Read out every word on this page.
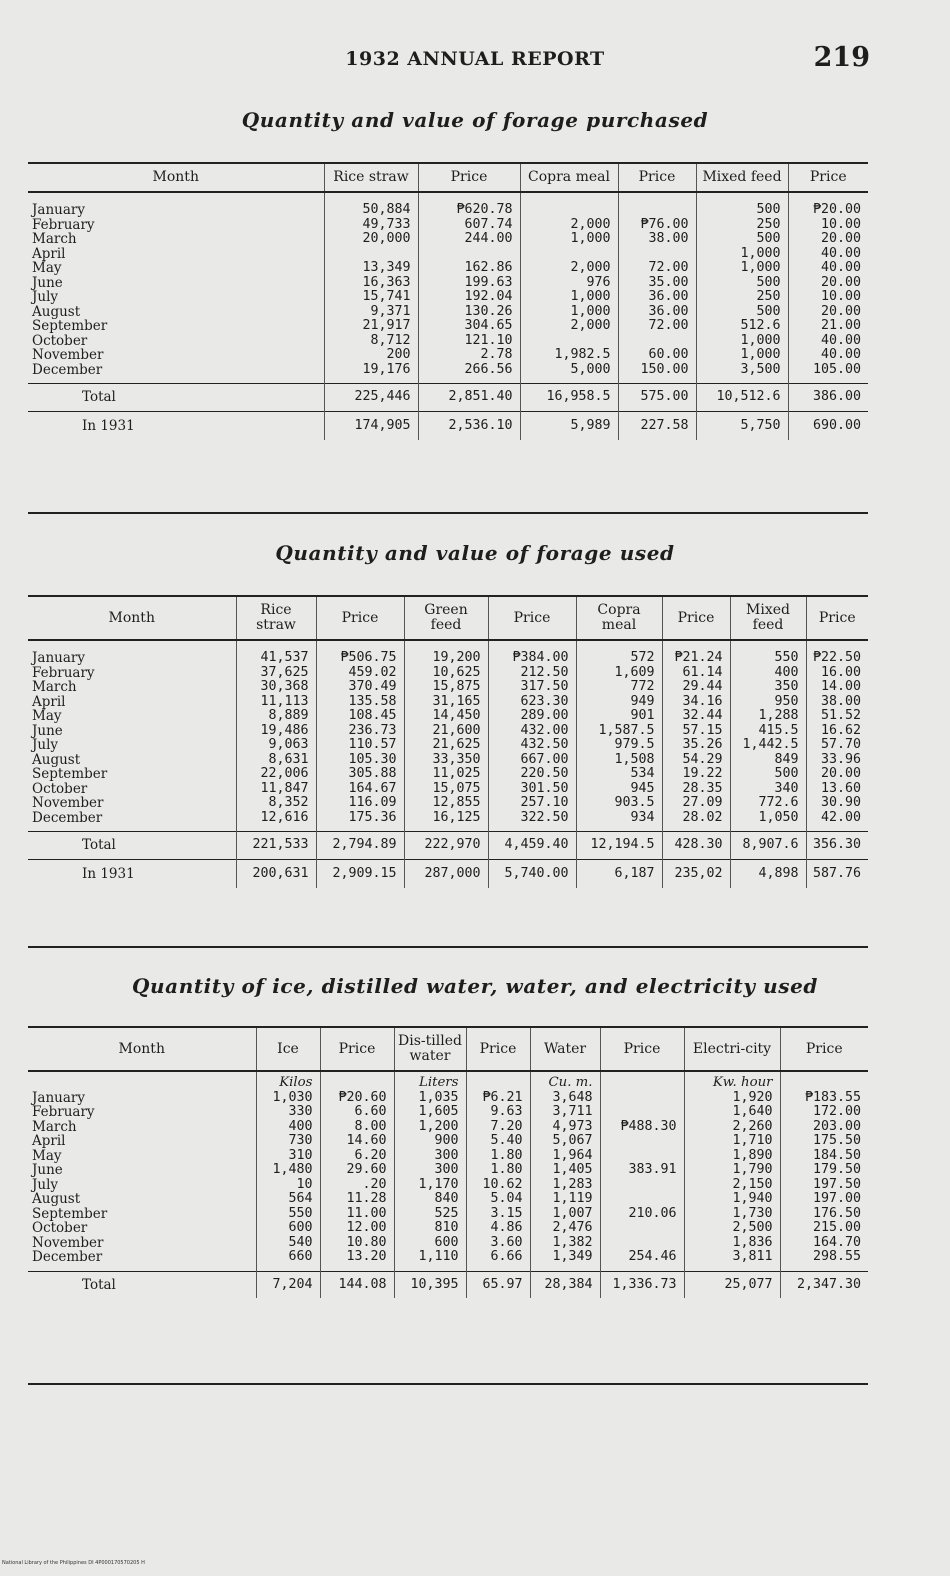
1932 ANNUAL REPORT	219
Quantity and value of forage purchased
Month	Rice straw	Price	Copra meal	Price	Mixed feed	Price
January	50,884	₱620.78			500	₱20.00
February	49,733	607.74	2,000	₱76.00	250	10.00
March	20,000	244.00	1,000	38.00	500	20.00
April					1,000	40.00
May	13,349	162.86	2,000	72.00	1,000	40.00
June	16,363	199.63	976	35.00	500	20.00
July	15,741	192.04	1,000	36.00	250	10.00
August	9,371	130.26	1,000	36.00	500	20.00
September	21,917	304.65	2,000	72.00	512.6	21.00
October	8,712	121.10			1,000	40.00
November	200	2.78	1,982.5	60.00	1,000	40.00
December	19,176	266.56	5,000	150.00	3,500	105.00
Total	225,446	2,851.40	16,958.5	575.00	10,512.6	386.00
In 1931	174,905	2,536.10	5,989	227.58	5,750	690.00
Quantity and value of forage used
Month	Rice straw	Price	Green feed	Price	Copra meal	Price	Mixed feed	Price
January	41,537	₱506.75	19,200	₱384.00	572	₱21.24	550	₱22.50
February	37,625	459.02	10,625	212.50	1,609	61.14	400	16.00
March	30,368	370.49	15,875	317.50	772	29.44	350	14.00
April	11,113	135.58	31,165	623.30	949	34.16	950	38.00
May	8,889	108.45	14,450	289.00	901	32.44	1,288	51.52
June	19,486	236.73	21,600	432.00	1,587.5	57.15	415.5	16.62
July	9,063	110.57	21,625	432.50	979.5	35.26	1,442.5	57.70
August	8,631	105.30	33,350	667.00	1,508	54.29	849	33.96
September	22,006	305.88	11,025	220.50	534	19.22	500	20.00
October	11,847	164.67	15,075	301.50	945	28.35	340	13.60
November	8,352	116.09	12,855	257.10	903.5	27.09	772.6	30.90
December	12,616	175.36	16,125	322.50	934	28.02	1,050	42.00
Total	221,533	2,794.89	222,970	4,459.40	12,194.5	428.30	8,907.6	356.30
In 1931	200,631	2,909.15	287,000	5,740.00	6,187	235,02	4,898	587.76
Quantity of ice, distilled water, water, and electricity used
Month	Ice	Price	Dis-tilled water	Price	Water	Price	Electri-city	Price
	Kilos		Liters		Cu. m.		Kw. hour	
January	1,030	₱20.60	1,035	₱6.21	3,648		1,920	₱183.55
February	330	6.60	1,605	9.63	3,711		1,640	172.00
March	400	8.00	1,200	7.20	4,973	₱488.30	2,260	203.00
April	730	14.60	900	5.40	5,067		1,710	175.50
May	310	6.20	300	1.80	1,964		1,890	184.50
June	1,480	29.60	300	1.80	1,405	383.91	1,790	179.50
July	10	.20	1,170	10.62	1,283		2,150	197.50
August	564	11.28	840	5.04	1,119		1,940	197.00
September	550	11.00	525	3.15	1,007	210.06	1,730	176.50
October	600	12.00	810	4.86	2,476		2,500	215.00
November	540	10.80	600	3.60	1,382		1,836	164.70
December	660	13.20	1,110	6.66	1,349	254.46	3,811	298.55
Total	7,204	144.08	10,395	65.97	28,384	1,336.73	25,077	2,347.30
National Library of the Philippines DI 4P000170570205 H
